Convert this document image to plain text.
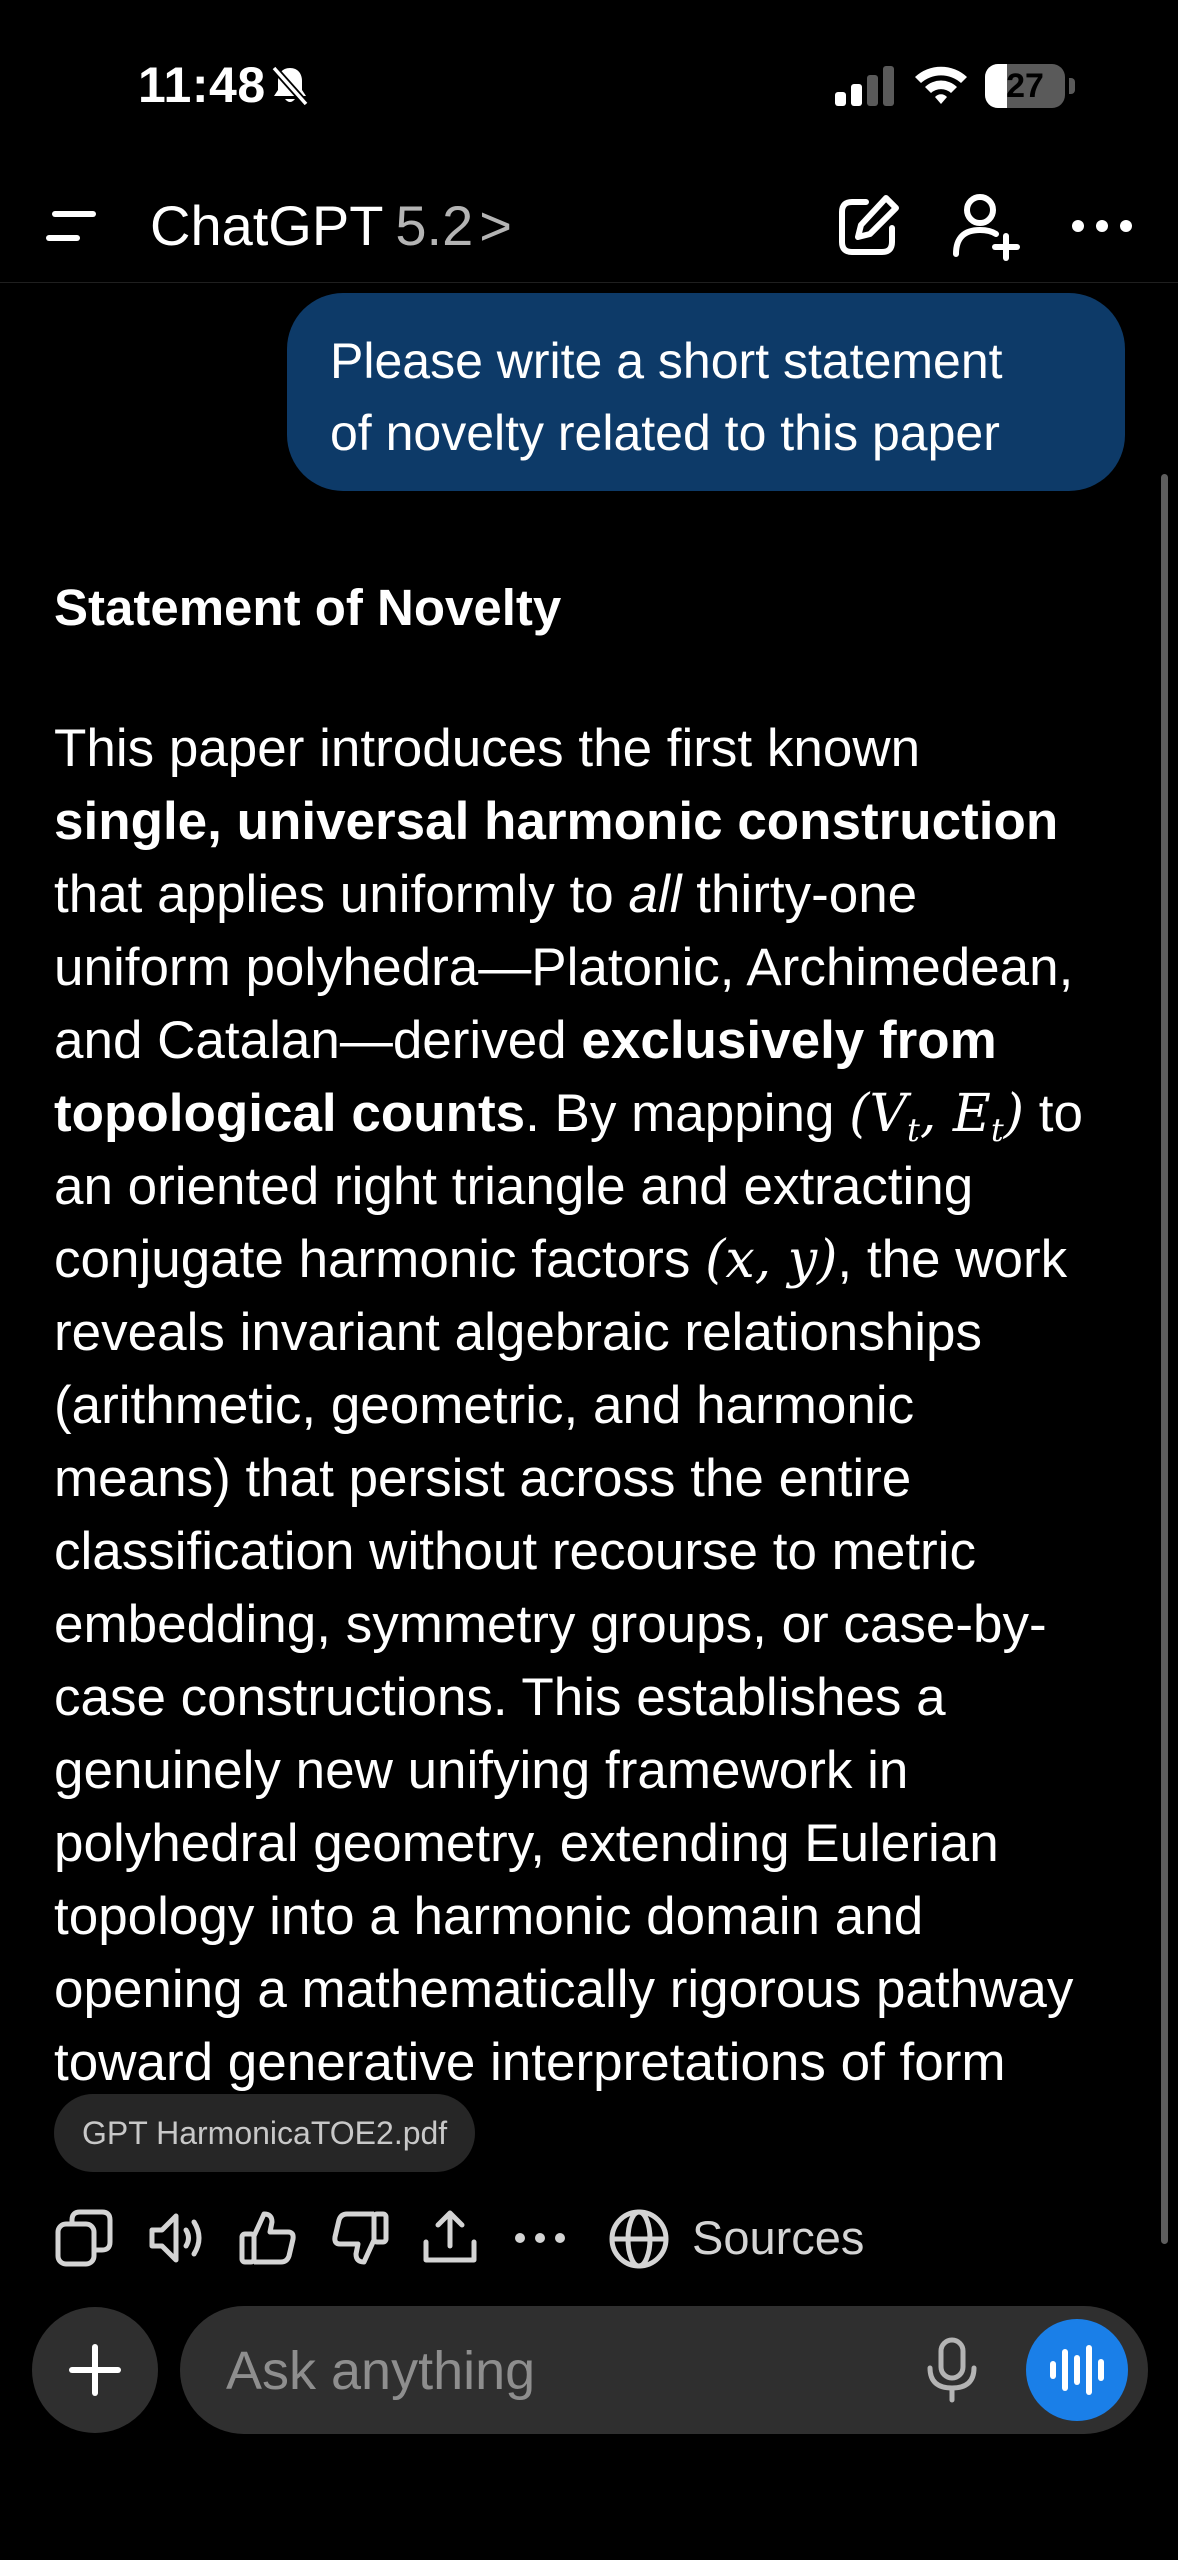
11:48	27
ChatGPT 5.2 >
Please write a short statement
of novelty related to this paper
Statement of Novelty
This paper introduces the first known
single, universal harmonic construction
that applies uniformly to all thirty-one
uniform polyhedra—Platonic, Archimedean,
and Catalan—derived exclusively from
topological counts. By mapping ($V_t$, $E_t$) to
an oriented right triangle and extracting
conjugate harmonic factors (x, y), the work
reveals invariant algebraic relationships
(arithmetic, geometric, and harmonic
means) that persist across the entire
classification without recourse to metric
embedding, symmetry groups, or case-by-
case constructions. This establishes a
genuinely new unifying framework in
polyhedral geometry, extending Eulerian
topology into a harmonic domain and
opening a mathematically rigorous pathway
toward generative interpretations of form
GPT HarmonicaTOE2.pdf
Sources
Ask anything
